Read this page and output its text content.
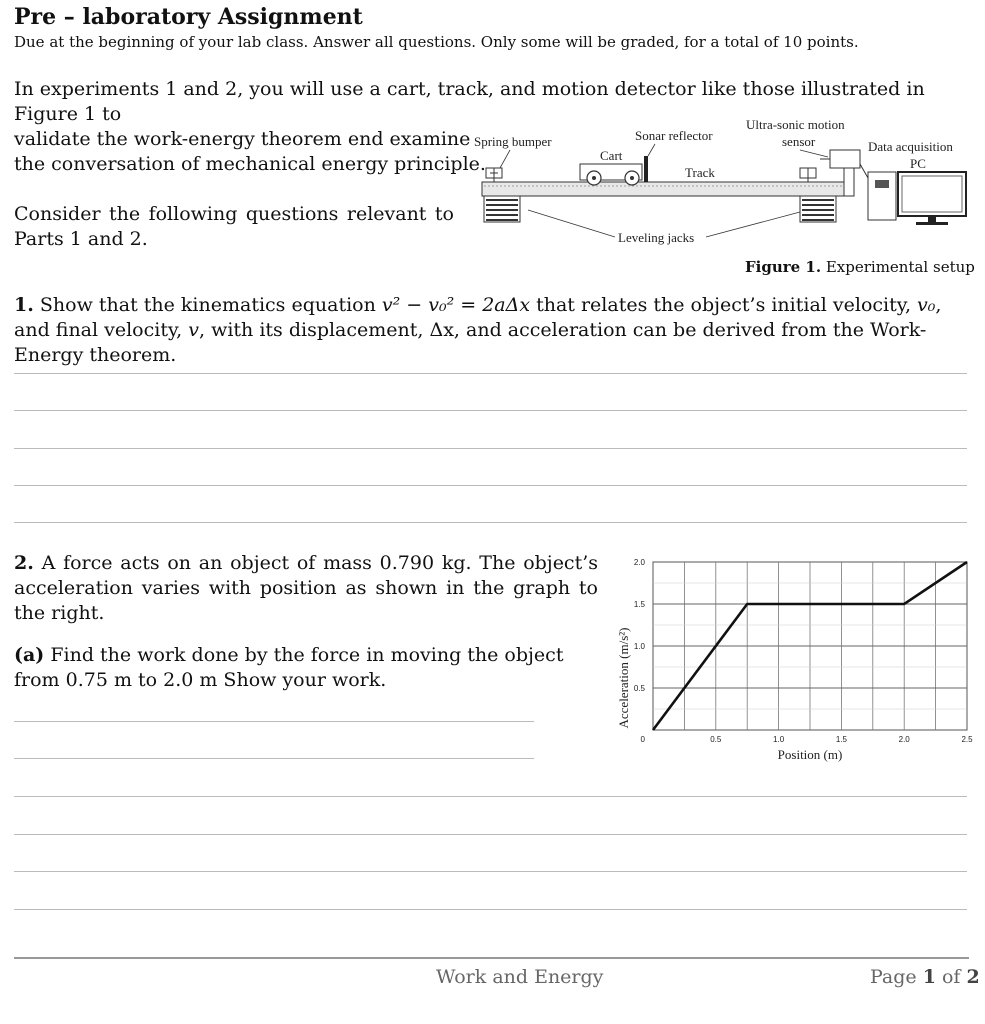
Pre – laboratory Assignment
Due at the beginning of your lab class. Answer all questions. Only some will be graded, for a total of 10 points.
In experiments 1 and 2, you will use a cart, track, and motion detector like those illustrated in Figure 1 to
validate the work-energy theorem end examine
the conversation of mechanical energy principle.
Consider the following questions relevant to Parts 1 and 2.
Spring bumper
Cart
Sonar reflector
Track
Ultra-sonic motion
sensor	Data acquisition
PC
Leveling jacks
Figure 1. Experimental setup
1. Show that the kinematics equation v² − v₀² = 2aΔx that relates the object’s initial velocity, v₀, and final velocity, v, with its displacement, Δx, and acceleration can be derived from the Work-Energy theorem.
2. A force acts on an object of mass 0.790 kg. The object’s acceleration varies with position as shown in the graph to the right.
(a) Find the work done by the force in moving the object from 0.75 m to 2.0 m Show your work.
0.5	1.0	1.5	2.0	2.5
0
0.5
1.0
1.5
2.0
Position (m)
Acceleration (m/s²)
Work and Energy	Page 1 of 2
